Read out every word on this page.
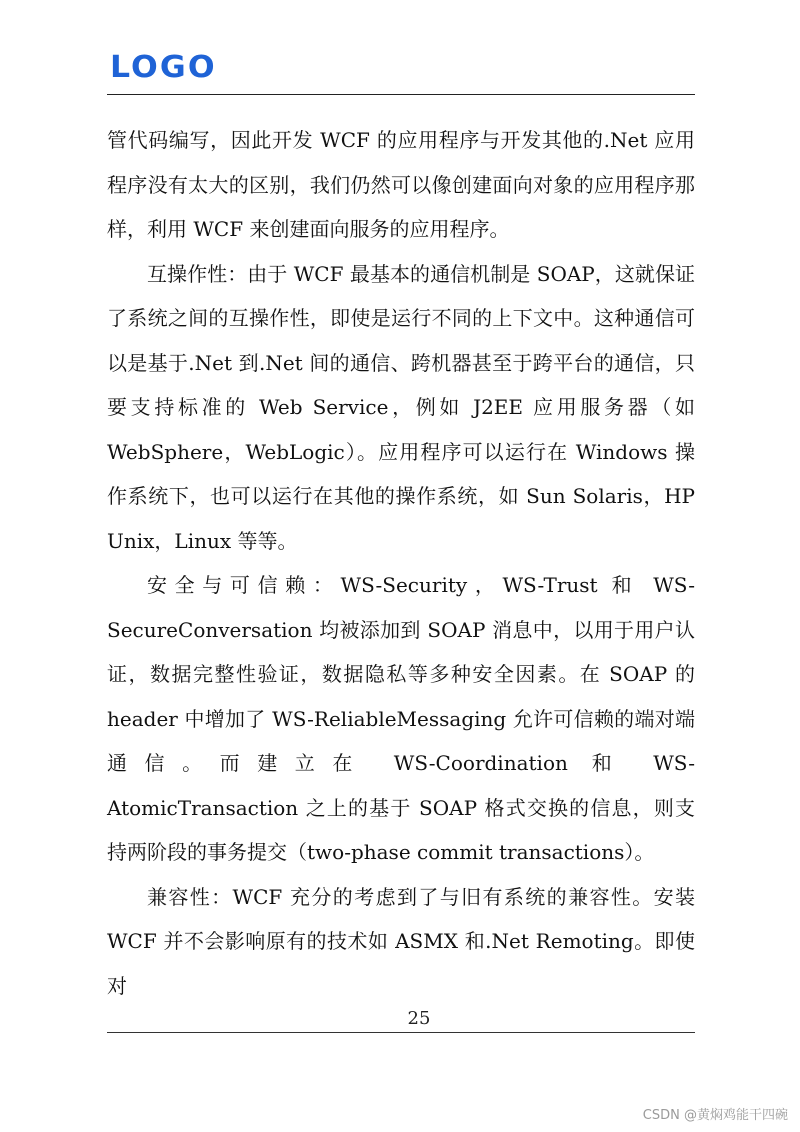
LOGO

管代码编写，因此开发 WCF 的应用程序与开发其他的.Net 应用程序没有太大的区别，我们仍然可以像创建面向对象的应用程序那样，利用 WCF 来创建面向服务的应用程序。

互操作性：由于 WCF 最基本的通信机制是 SOAP，这就保证了系统之间的互操作性，即使是运行不同的上下文中。这种通信可以是基于.Net 到.Net 间的通信、跨机器甚至于跨平台的通信，只要支持标准的 Web Service，例如 J2EE 应用服务器（如 WebSphere，WebLogic）。应用程序可以运行在 Windows 操作系统下，也可以运行在其他的操作系统，如 Sun Solaris，HP Unix，Linux 等等。

安全与可信赖：WS-Security，WS-Trust 和 WS-SecureConversation 均被添加到 SOAP 消息中，以用于用户认证，数据完整性验证，数据隐私等多种安全因素。在 SOAP 的 header 中增加了 WS-ReliableMessaging 允许可信赖的端对端通信。而建立在 WS-Coordination 和 WS- AtomicTransaction 之上的基于 SOAP 格式交换的信息，则支持两阶段的事务提交（two-phase commit transactions）。

兼容性：WCF 充分的考虑到了与旧有系统的兼容性。安装 WCF 并不会影响原有的技术如 ASMX 和.Net Remoting。即使对

25
CSDN @黄焖鸡能干四碗
